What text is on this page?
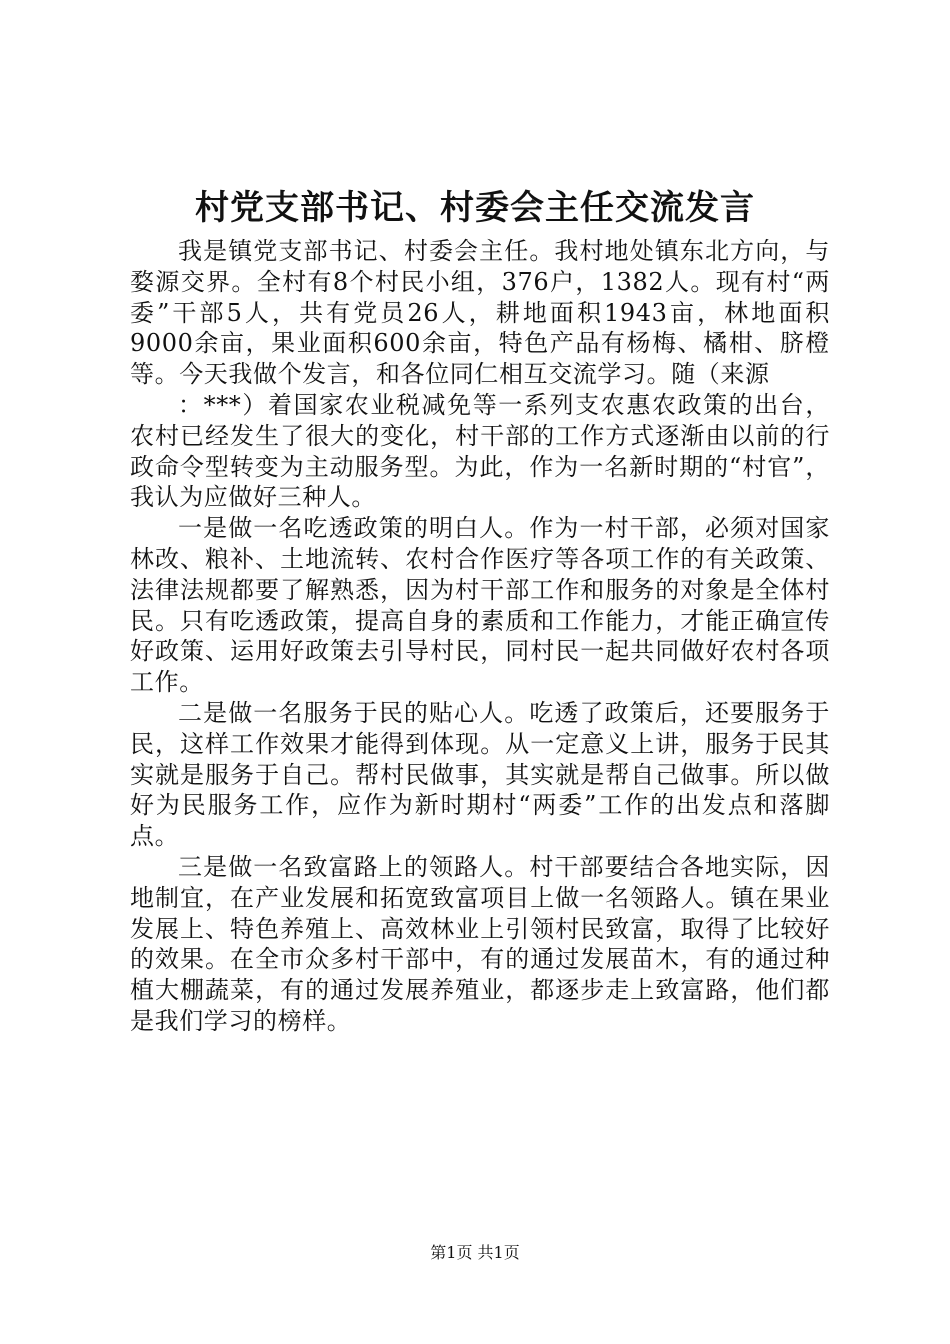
村党支部书记、村委会主任交流发言

我是镇党支部书记、村委会主任。我村地处镇东北方向，与婺源交界。全村有8个村民小组，376户，1382人。现有村“两委”干部5人，共有党员26人，耕地面积1943亩，林地面积9000余亩，果业面积600余亩，特色产品有杨梅、橘柑、脐橙等。今天我做个发言，和各位同仁相互交流学习。随（来源

：***）着国家农业税减免等一系列支农惠农政策的出台，农村已经发生了很大的变化，村干部的工作方式逐渐由以前的行政命令型转变为主动服务型。为此，作为一名新时期的“村官”，我认为应做好三种人。

一是做一名吃透政策的明白人。作为一村干部，必须对国家林改、粮补、土地流转、农村合作医疗等各项工作的有关政策、法律法规都要了解熟悉，因为村干部工作和服务的对象是全体村民。只有吃透政策，提高自身的素质和工作能力，才能正确宣传好政策、运用好政策去引导村民，同村民一起共同做好农村各项工作。

二是做一名服务于民的贴心人。吃透了政策后，还要服务于民，这样工作效果才能得到体现。从一定意义上讲，服务于民其实就是服务于自己。帮村民做事，其实就是帮自己做事。所以做好为民服务工作，应作为新时期村“两委”工作的出发点和落脚点。

三是做一名致富路上的领路人。村干部要结合各地实际，因地制宜，在产业发展和拓宽致富项目上做一名领路人。镇在果业发展上、特色养殖上、高效林业上引领村民致富，取得了比较好的效果。在全市众多村干部中，有的通过发展苗木，有的通过种植大棚蔬菜，有的通过发展养殖业，都逐步走上致富路，他们都是我们学习的榜样。

第1页 共1页
